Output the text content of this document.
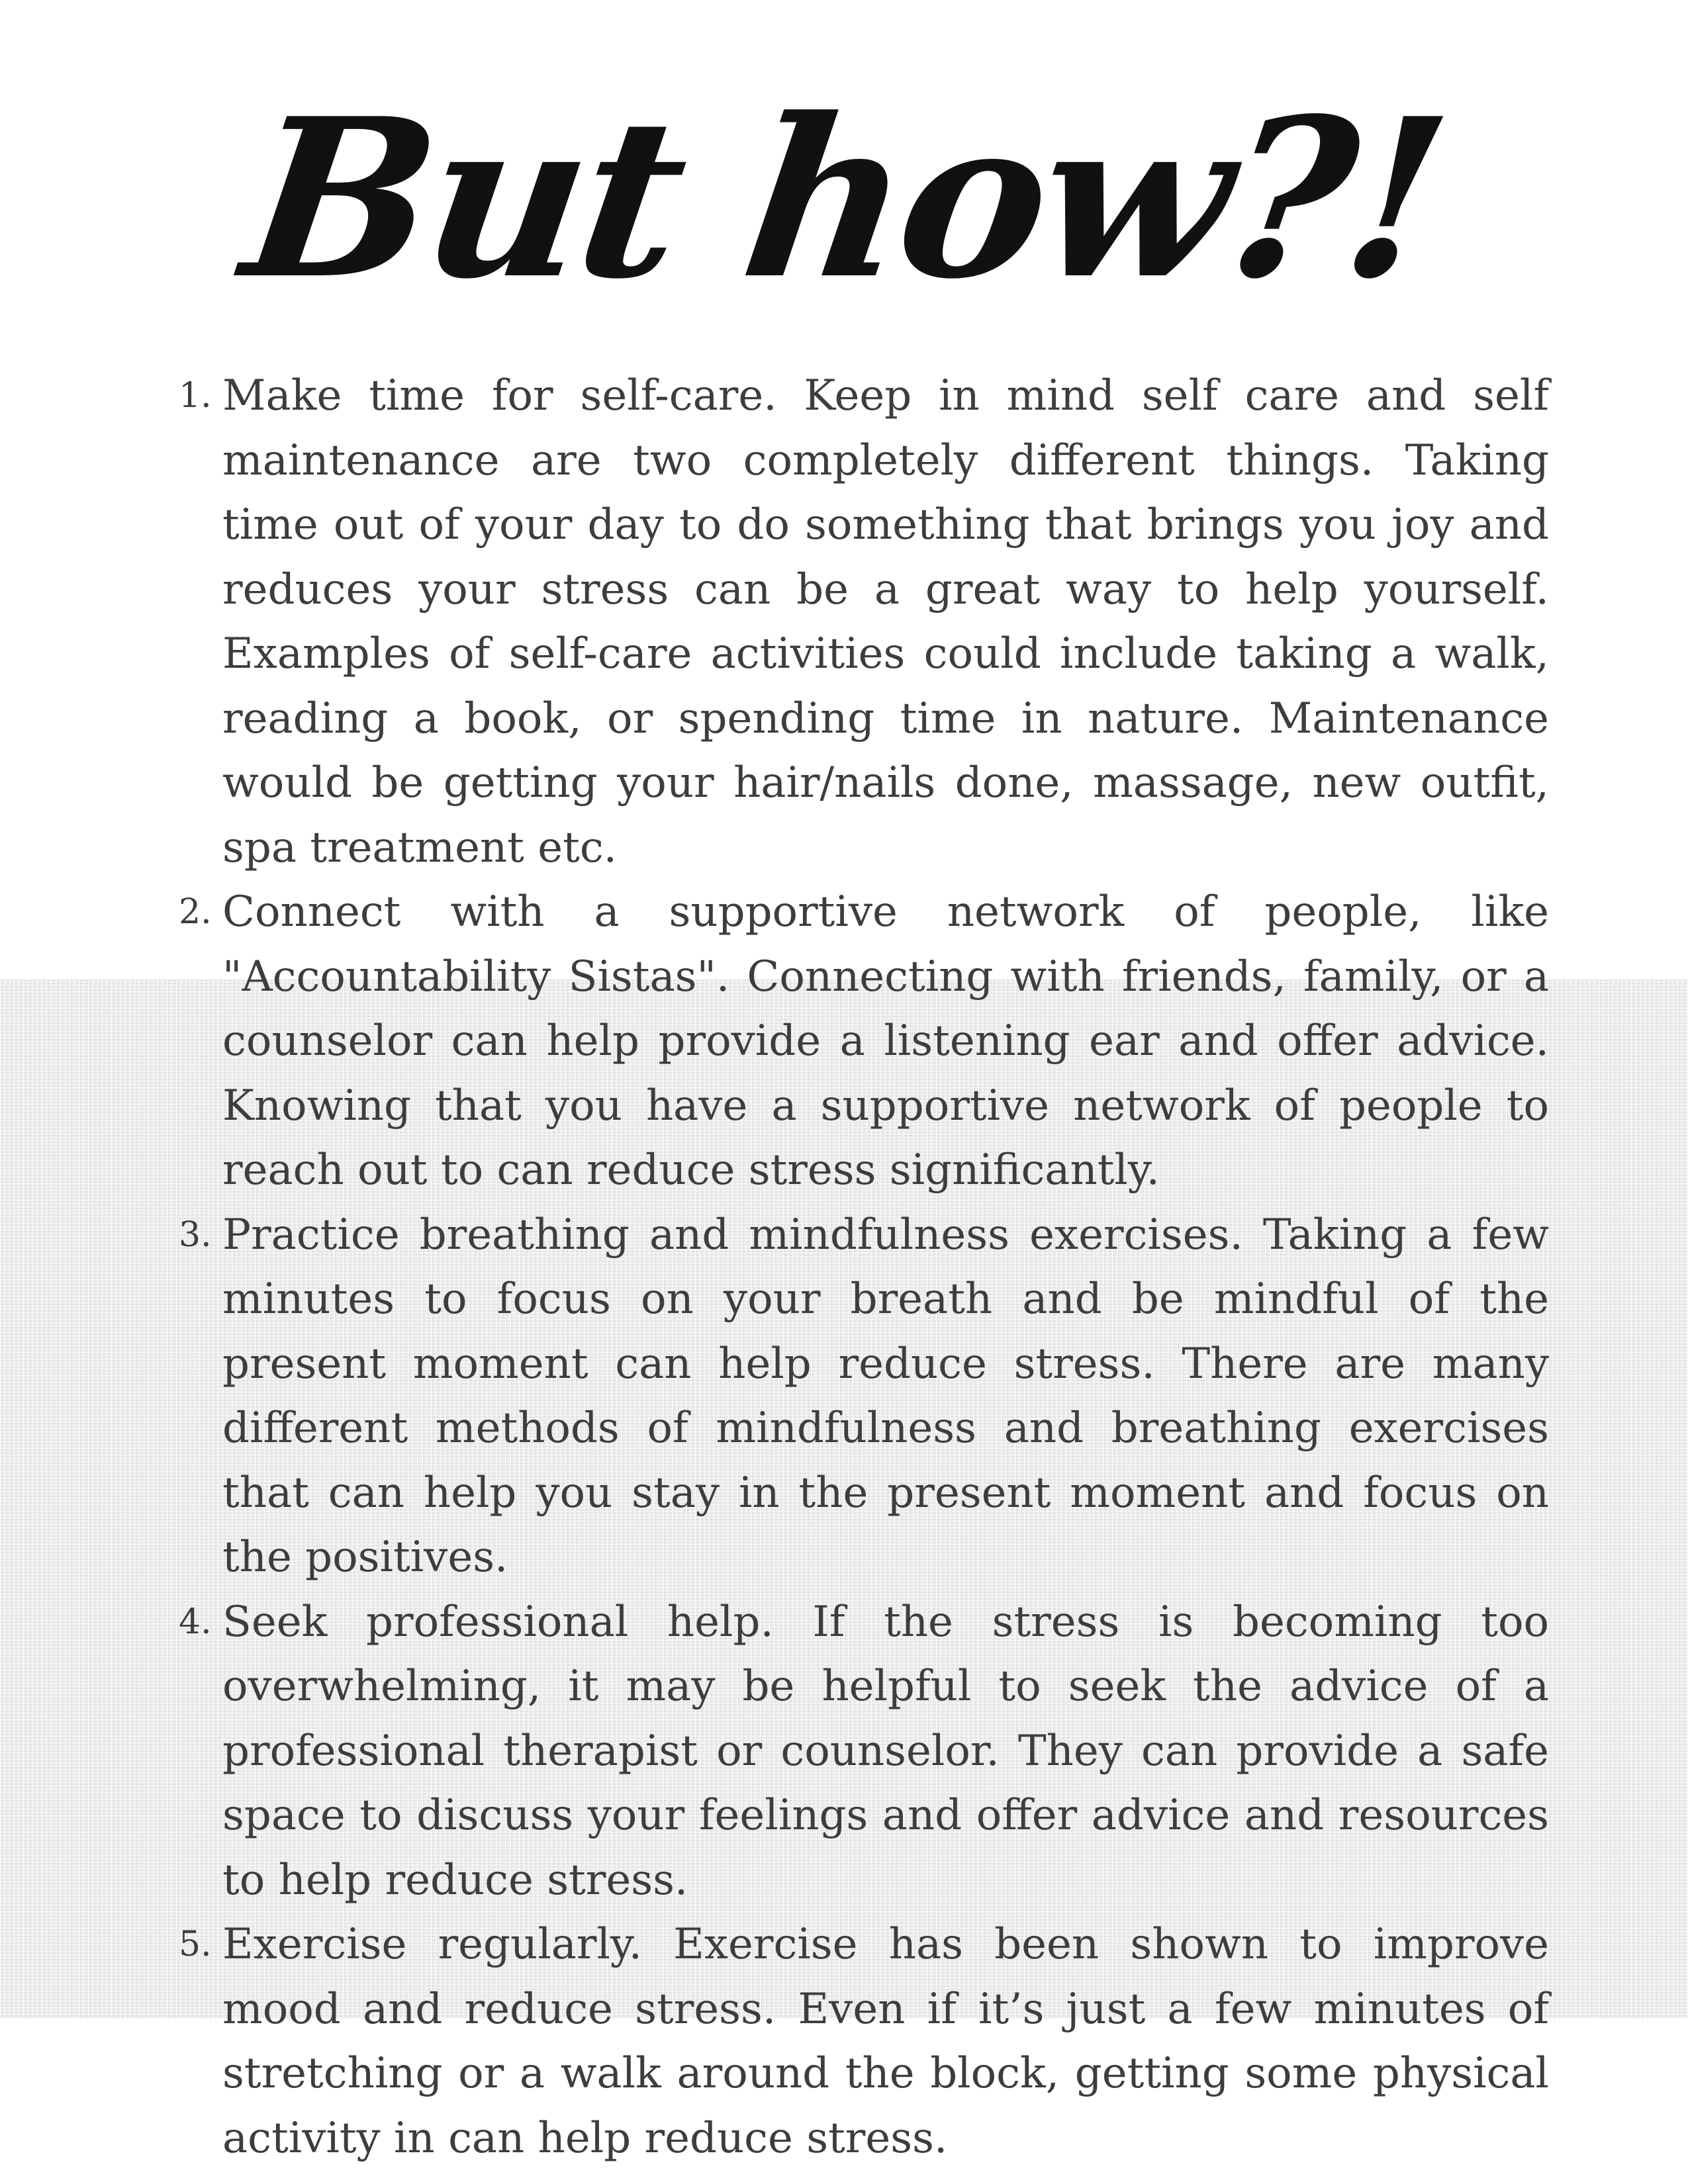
But how?!
1. Make time for self-care. Keep in mind self care and self maintenance are two completely different things. Taking time out of your day to do something that brings you joy and reduces your stress can be a great way to help yourself. Examples of self-care activities could include taking a walk, reading a book, or spending time in nature. Maintenance would be getting your hair/nails done, massage, new outfit, spa treatment etc.
2. Connect with a supportive network of people, like "Accountability Sistas". Connecting with friends, family, or a counselor can help provide a listening ear and offer advice. Knowing that you have a supportive network of people to reach out to can reduce stress significantly.
3. Practice breathing and mindfulness exercises. Taking a few minutes to focus on your breath and be mindful of the present moment can help reduce stress. There are many different methods of mindfulness and breathing exercises that can help you stay in the present moment and focus on the positives.
4. Seek professional help. If the stress is becoming too overwhelming, it may be helpful to seek the advice of a professional therapist or counselor. They can provide a safe space to discuss your feelings and offer advice and resources to help reduce stress.
5. Exercise regularly. Exercise has been shown to improve mood and reduce stress. Even if it’s just a few minutes of stretching or a walk around the block, getting some physical activity in can help reduce stress.
